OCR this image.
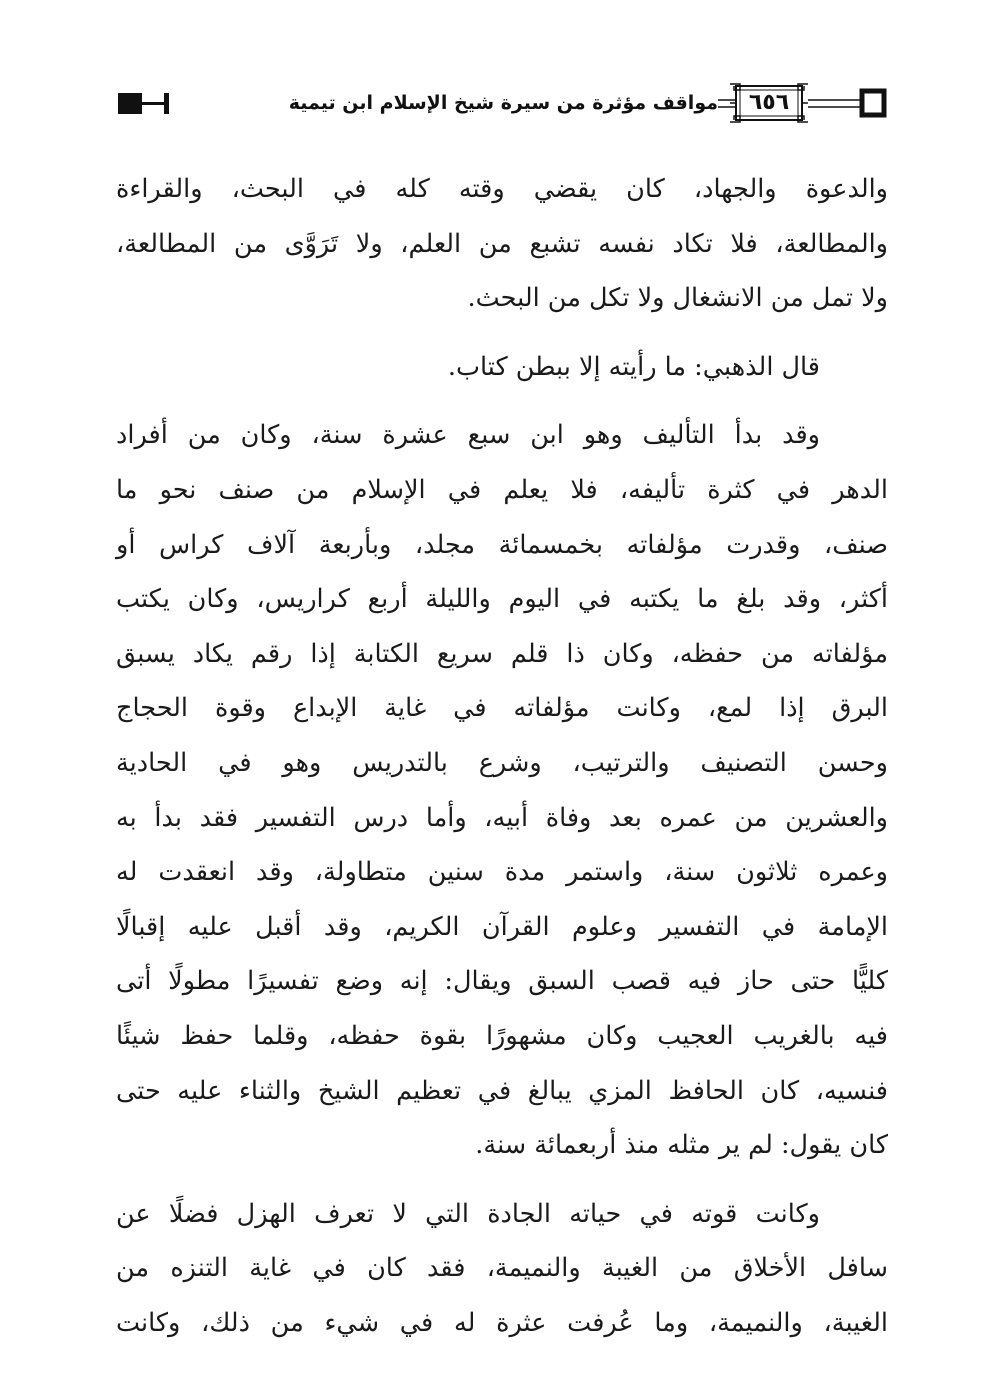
مواقف مؤثرة من سيرة شيخ الإسلام ابن تيمية	٦٥٦

والدعوة والجهاد، كان يقضي وقته كله في البحث، والقراءة
والمطالعة، فلا تكاد نفسه تشبع من العلم، ولا تَرَوَّى من المطالعة،
ولا تمل من الانشغال ولا تكل من البحث.

قال الذهبي: ما رأيته إلا ببطن كتاب.

وقد بدأ التأليف وهو ابن سبع عشرة سنة، وكان من أفراد
الدهر في كثرة تأليفه، فلا يعلم في الإسلام من صنف نحو ما
صنف، وقدرت مؤلفاته بخمسمائة مجلد، وبأربعة آلاف كراس أو
أكثر، وقد بلغ ما يكتبه في اليوم والليلة أربع كراريس، وكان يكتب
مؤلفاته من حفظه، وكان ذا قلم سريع الكتابة إذا رقم يكاد يسبق
البرق إذا لمع، وكانت مؤلفاته في غاية الإبداع وقوة الحجاج
وحسن التصنيف والترتيب، وشرع بالتدريس وهو في الحادية
والعشرين من عمره بعد وفاة أبيه، وأما درس التفسير فقد بدأ به
وعمره ثلاثون سنة، واستمر مدة سنين متطاولة، وقد انعقدت له
الإمامة في التفسير وعلوم القرآن الكريم، وقد أقبل عليه إقبالًا
كليًّا حتى حاز فيه قصب السبق ويقال: إنه وضع تفسيرًا مطولًا أتى
فيه بالغريب العجيب وكان مشهورًا بقوة حفظه، وقلما حفظ شيئًا
فنسيه، كان الحافظ المزي يبالغ في تعظيم الشيخ والثناء عليه حتى
كان يقول: لم ير مثله منذ أربعمائة سنة.

وكانت قوته في حياته الجادة التي لا تعرف الهزل فضلًا عن
سافل الأخلاق من الغيبة والنميمة، فقد كان في غاية التنزه من
الغيبة، والنميمة، وما عُرفت عثرة له في شيء من ذلك، وكانت
